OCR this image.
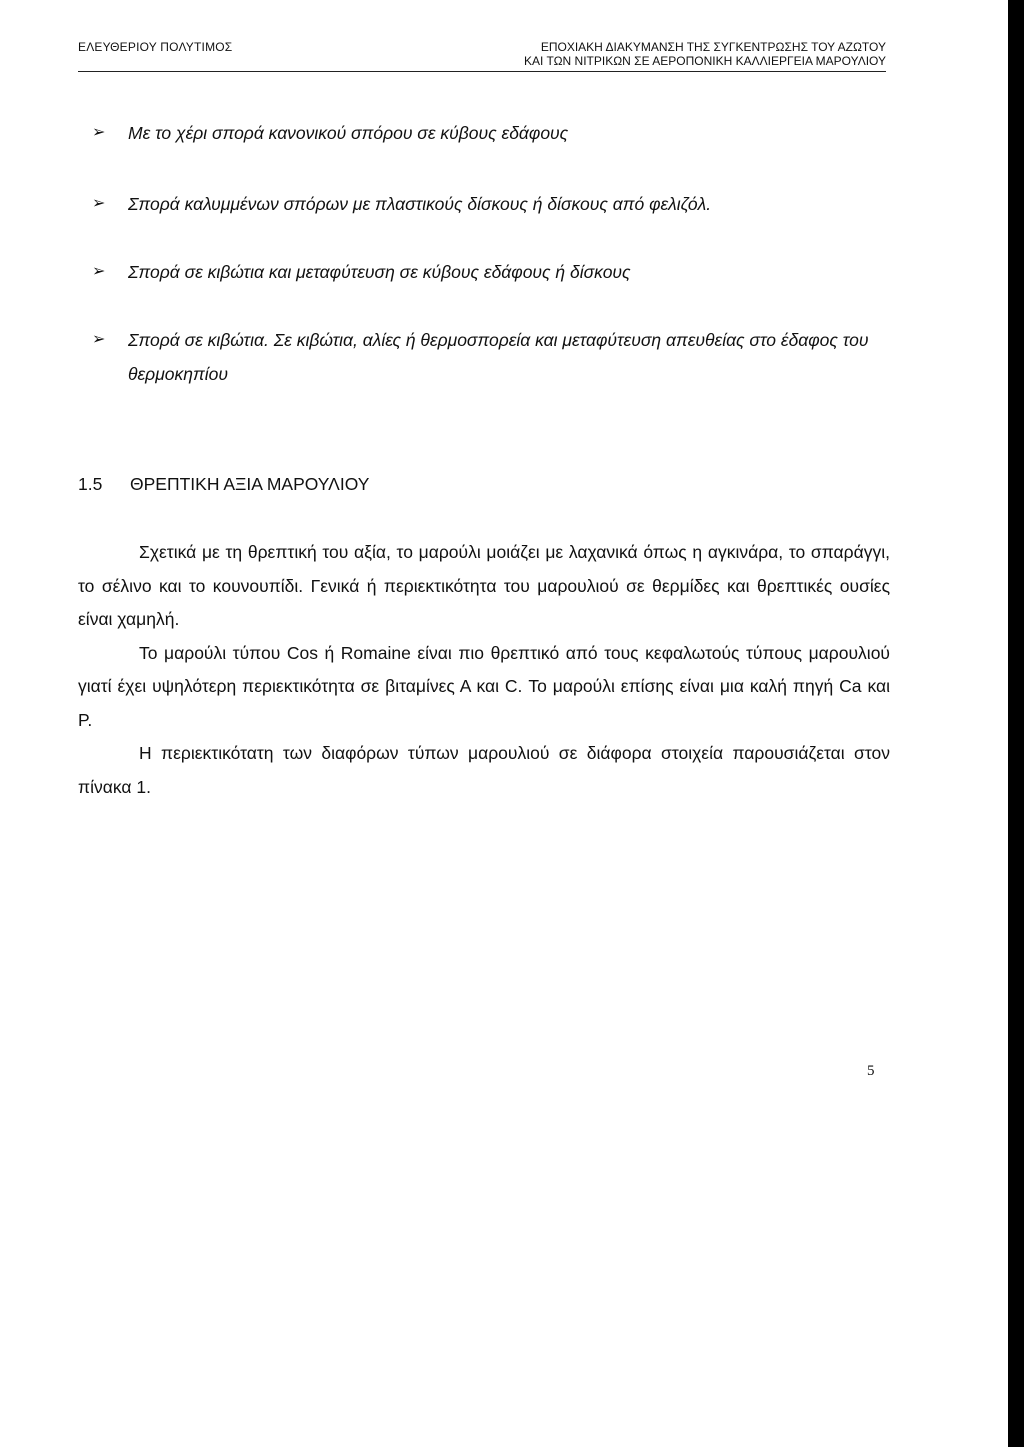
ΕΛΕΥΘΕΡΙΟΥ ΠΟΛΥΤΙΜΟΣ	ΕΠΟΧΙΑΚΗ ΔΙΑΚΥΜΑΝΣΗ ΤΗΣ ΣΥΓΚΕΝΤΡΩΣΗΣ ΤΟΥ ΑΖΩΤΟΥ
ΚΑΙ ΤΩΝ ΝΙΤΡΙΚΩΝ ΣΕ ΑΕΡΟΠΟΝΙΚΗ ΚΑΛΛΙΕΡΓΕΙΑ ΜΑΡΟΥΛΙΟΥ
➢	Με το χέρι σπορά κανονικού σπόρου σε κύβους εδάφους
➢	Σπορά καλυμμένων σπόρων με πλαστικούς δίσκους ή δίσκους από φελιζόλ.
➢	Σπορά σε κιβώτια και μεταφύτευση σε κύβους εδάφους ή δίσκους
➢	Σπορά σε κιβώτια. Σε κιβώτια, αλίες ή θερμοσπορεία και μεταφύτευση απευθείας στο έδαφος του θερμοκηπίου
1.5	ΘΡΕΠΤΙΚΗ ΑΞΙΑ ΜΑΡΟΥΛΙΟΥ

Σχετικά με τη θρεπτική του αξία, το μαρούλι μοιάζει με λαχανικά όπως η αγκινάρα, το σπαράγγι, το σέλινο και το κουνουπίδι. Γενικά ή περιεκτικότητα του μαρουλιού σε θερμίδες και θρεπτικές ουσίες είναι χαμηλή.

Το μαρούλι τύπου Cos ή Romaine είναι πιο θρεπτικό από τους κεφαλωτούς τύπους μαρουλιού γιατί έχει υψηλότερη περιεκτικότητα σε βιταμίνες Α και C. Το μαρούλι επίσης είναι μια καλή πηγή Ca και P.

Η περιεκτικότατη των διαφόρων τύπων μαρουλιού σε διάφορα στοιχεία παρουσιάζεται στον πίνακα 1.

5
